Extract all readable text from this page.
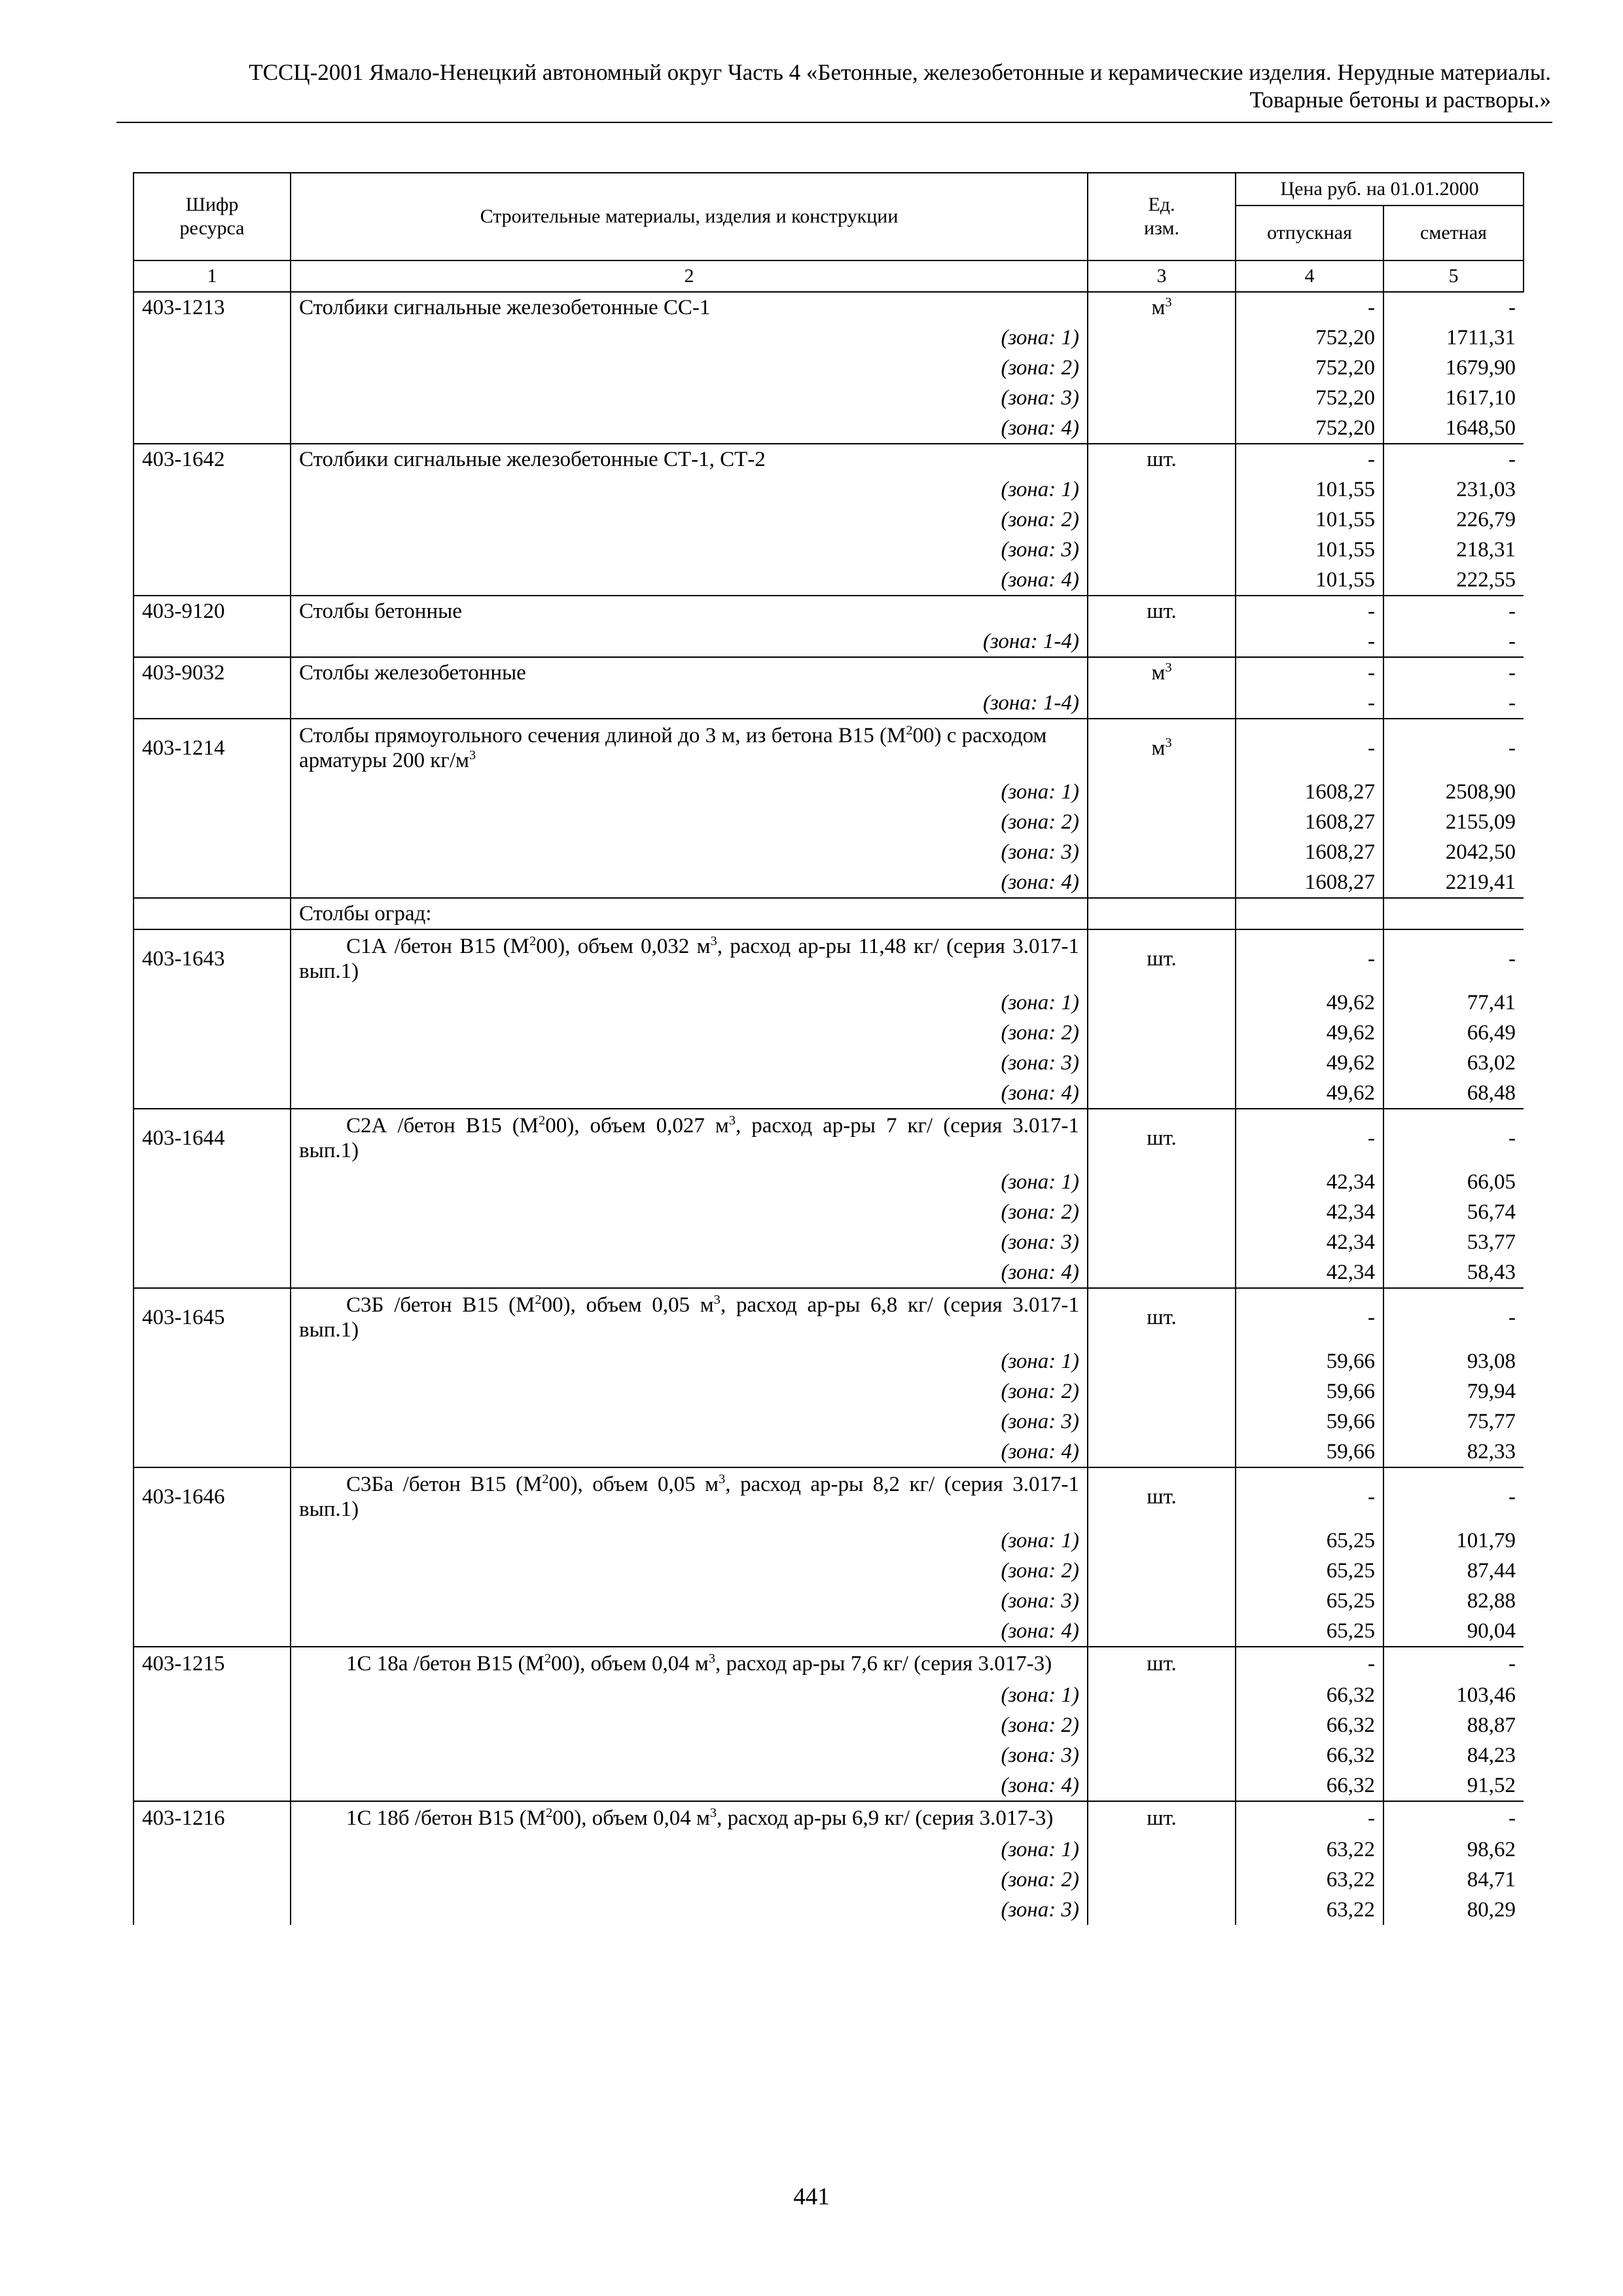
ТССЦ-2001 Ямало-Ненецкий автономный округ Часть 4 «Бетонные, железобетонные и керамические изделия. Нерудные материалы.
Товарные бетоны и растворы.»
Шифр ресурса	Строительные материалы, изделия и конструкции	Ед. изм.	Цена руб. на 01.01.2000	
			отпускная	сметная
1	2	3	4	5
403-1213	Столбики сигнальные железобетонные СС-1	$м^3$	-	-
	(зона: 1)		752,20	1711,31
	(зона: 2)		752,20	1679,90
	(зона: 3)		752,20	1617,10
	(зона: 4)		752,20	1648,50
403-1642	Столбики сигнальные железобетонные СТ-1, СТ-2	шт.	-	-
	(зона: 1)		101,55	231,03
	(зона: 2)		101,55	226,79
	(зона: 3)		101,55	218,31
	(зона: 4)		101,55	222,55
403-9120	Столбы бетонные	шт.	-	-
	(зона: 1-4)		-	-
403-9032	Столбы железобетонные	$м^3$	-	-
	(зона: 1-4)		-	-
403-1214	Столбы прямоугольного сечения длиной до 3 м, из бетона В15 $(М^200)$ с расходом арматуры 200 $кг/м^3$	$м^3$	-	-
	(зона: 1)		1608,27	2508,90
	(зона: 2)		1608,27	2155,09
	(зона: 3)		1608,27	2042,50
	(зона: 4)		1608,27	2219,41
	Столбы оград:			
403-1643	С1А /бетон В15 $(М^200)$, объем 0,032 $м^3$, расход ар-ры 11,48 кг/ (серия 3.017-1 вып.1)	шт.	-	-
	(зона: 1)		49,62	77,41
	(зона: 2)		49,62	66,49
	(зона: 3)		49,62	63,02
	(зона: 4)		49,62	68,48
403-1644	С2А /бетон В15 $(М^200)$, объем 0,027 $м^3$, расход ар-ры 7 кг/ (серия 3.017-1 вып.1)	шт.	-	-
	(зона: 1)		42,34	66,05
	(зона: 2)		42,34	56,74
	(зона: 3)		42,34	53,77
	(зона: 4)		42,34	58,43
403-1645	С3Б /бетон В15 $(М^200)$, объем 0,05 $м^3$, расход ар-ры 6,8 кг/ (серия 3.017-1 вып.1)	шт.	-	-
	(зона: 1)		59,66	93,08
	(зона: 2)		59,66	79,94
	(зона: 3)		59,66	75,77
	(зона: 4)		59,66	82,33
403-1646	С3Ба /бетон В15 $(М^200)$, объем 0,05 $м^3$, расход ар-ры 8,2 кг/ (серия 3.017-1 вып.1)	шт.	-	-
	(зона: 1)		65,25	101,79
	(зона: 2)		65,25	87,44
	(зона: 3)		65,25	82,88
	(зона: 4)		65,25	90,04
403-1215	1С 18а /бетон В15 $(М^200)$, объем 0,04 $м^3$, расход ар-ры 7,6 кг/ (серия 3.017-3)	шт.	-	-
	(зона: 1)		66,32	103,46
	(зона: 2)		66,32	88,87
	(зона: 3)		66,32	84,23
	(зона: 4)		66,32	91,52
403-1216	1С 18б /бетон В15 $(М^200)$, объем 0,04 $м^3$, расход ар-ры 6,9 кг/ (серия 3.017-3)	шт.	-	-
	(зона: 1)		63,22	98,62
	(зона: 2)		63,22	84,71
	(зона: 3)		63,22	80,29
441
